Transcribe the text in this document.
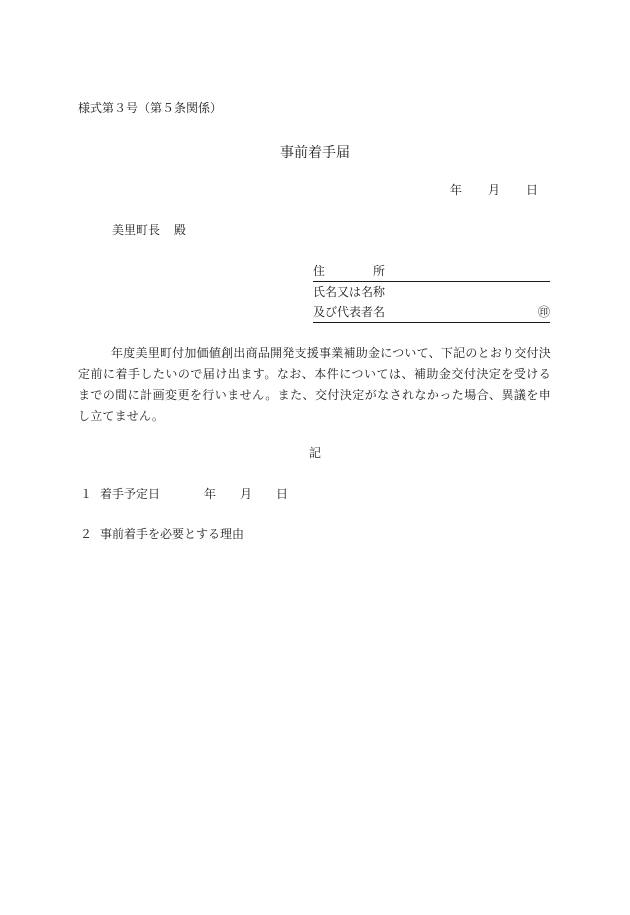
様式第３号（第５条関係）
事前着手届
年 月 日
美里町長 殿
住	所
氏名又は名称
及び代表者名	㊞
年度美里町付加価値創出商品開発支援事業補助金について、下記のとおり交付決定前に着手したいので届け出ます。なお、本件については、補助金交付決定を受けるまでの間に計画変更を行いません。また、交付決定がなされなかった場合、異議を申し立てません。
記
１ 着手予定日	年 月 日
２ 事前着手を必要とする理由
